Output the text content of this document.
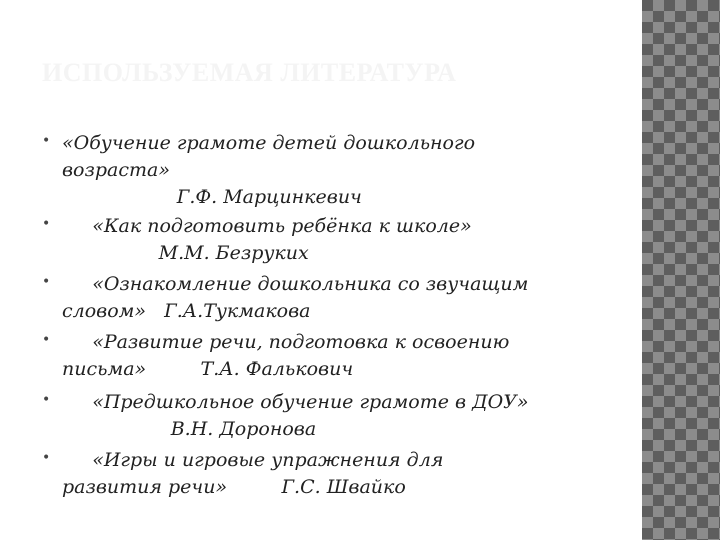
ИСПОЛЬЗУЕМАЯ ЛИТЕРАТУРА
• «Обучение грамоте детей дошкольного
возраста»
Г.Ф. Марцинкевич
• «Как подготовить ребёнка к школе»
М.М. Безруких
• «Ознакомление дошкольника со звучащим
словом»   Г.А.Тукмакова
• «Развитие речи, подготовка к освоению
письма»         Т.А. Фалькович
• «Предшкольное обучение грамоте в ДОУ»
В.Н. Доронова
• «Игры и игровые упражнения для
развития речи»         Г.С. Швайко
